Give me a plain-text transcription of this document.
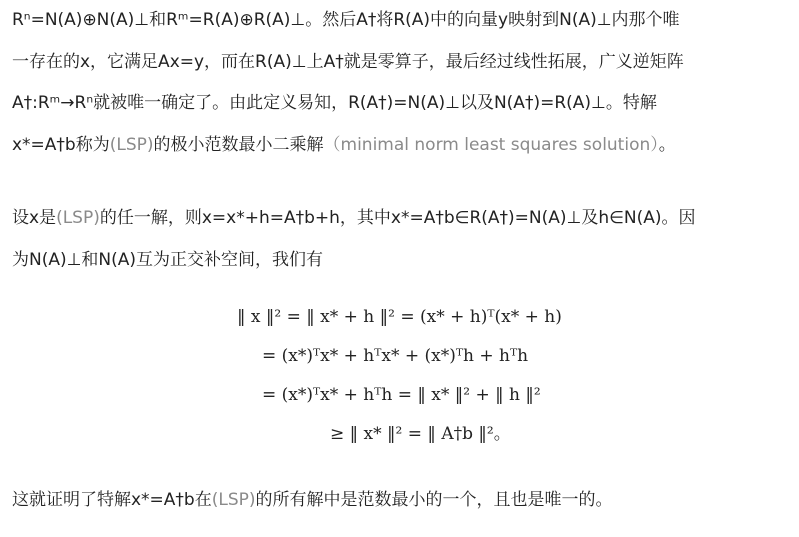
Rⁿ=N(A)⊕N(A)⊥和Rᵐ=R(A)⊕R(A)⊥。然后A†将R(A)中的向量y映射到N(A)⊥内那个唯
一存在的x，它满足Ax=y，而在R(A)⊥上A†就是零算子，最后经过线性拓展，广义逆矩阵
A†:Rᵐ→Rⁿ就被唯一确定了。由此定义易知，R(A†)=N(A)⊥以及N(A†)=R(A)⊥。特解
x*=A†b称为(LSP)的极小范数最小二乘解（minimal norm least squares solution）。
设x是(LSP)的任一解，则x=x*+h=A†b+h，其中x*=A†b∈R(A†)=N(A)⊥及h∈N(A)。因
为N(A)⊥和N(A)互为正交补空间，我们有
‖ x ‖² = ‖ x* + h ‖² = (x* + h)ᵀ(x* + h)
= (x*)ᵀx* + hᵀx* + (x*)ᵀh + hᵀh
= (x*)ᵀx* + hᵀh = ‖ x* ‖² + ‖ h ‖²
≥ ‖ x* ‖² = ‖ A†b ‖²。
这就证明了特解x*=A†b在(LSP)的所有解中是范数最小的一个，且也是唯一的。
